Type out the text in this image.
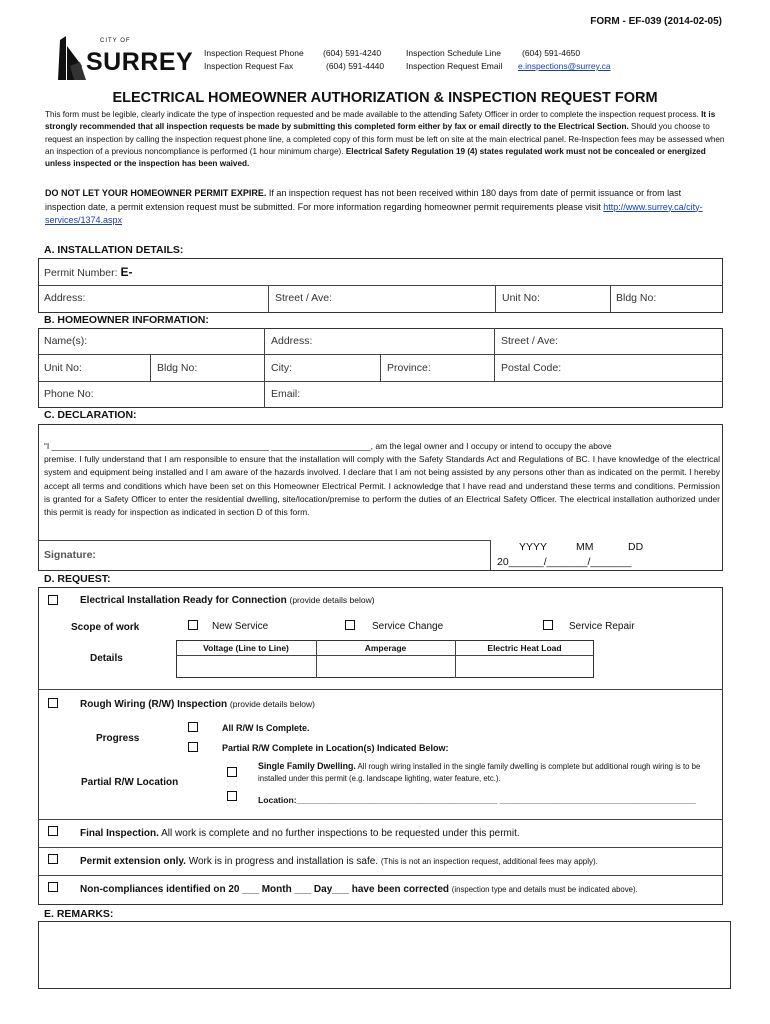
FORM - EF-039 (2014-02-05)
CITY OF
SURREY Inspection Request Phone
Inspection Request Fax
(604) 591-4240
(604) 591-4440
Inspection Schedule Line
Inspection Request Email
(604) 591-4650
e.inspections@surrey.ca
ELECTRICAL HOMEOWNER AUTHORIZATION & INSPECTION REQUEST FORM
This form must be legible, clearly indicate the type of inspection requested and be made available to the attending Safety Officer in order to complete the inspection request process. It is strongly recommended that all inspection requests be made by submitting this completed form either by fax or email directly to the Electrical Section. Should you choose to request an inspection by calling the inspection request phone line, a completed copy of this form must be left on site at the main electrical panel. Re-Inspection fees may be assessed when an inspection of a previous noncompliance is performed (1 hour minimum charge). Electrical Safety Regulation 19 (4) states regulated work must not be concealed or energized unless inspected or the inspection has been waived.
DO NOT LET YOUR HOMEOWNER PERMIT EXPIRE. If an inspection request has not been received within 180 days from date of permit issuance or from last inspection date, a permit extension request must be submitted. For more information regarding homeowner permit requirements please visit http://www.surrey.ca/city-services/1374.aspx
A. INSTALLATION DETAILS:
Permit Number: E-
Address:	Street / Ave:	Unit No:	Bldg No:
B. HOMEOWNER INFORMATION:
Name(s):	Address:	Street / Ave:
Unit No:	Bldg No:	City:	Province:	Postal Code:
Phone No:	Email:
C. DECLARATION:
“I ______________________________________________ _____________________, am the legal owner and I occupy or intend to occupy the above
premise. I fully understand that I am responsible to ensure that the installation will comply with the Safety Standards Act and Regulations of BC. I have knowledge of the electrical system and equipment being installed and I am aware of the hazards involved. I declare that I am not being assisted by any persons other than as indicated on the permit. I hereby accept all terms and conditions which have been set on this Homeowner Electrical Permit. I acknowledge that I have read and understand these terms and conditions. Permission is granted for a Safety Officer to enter the residential dwelling, site/location/premise to perform the duties of an Electrical Safety Officer. The electrical installation authorized under this permit is ready for inspection as indicated in section D of this form.
Signature:
YYYY	MM	DD
20______/_______/_______
D. REQUEST:
Electrical Installation Ready for Connection (provide details below)
Scope of work	New Service	Service Change	Service Repair
Details
Voltage (Line to Line)	Amperage	Electric Heat Load
Rough Wiring (R/W) Inspection (provide details below)
Progress
All R/W Is Complete.
Partial R/W Complete in Location(s) Indicated Below:
Partial R/W Location
Single Family Dwelling. All rough wiring installed in the single family dwelling is complete but additional rough wiring is to be installed under this permit (e.g. landscape lighting, water feature, etc.).
Location:__________________________________________ _________________________________________
Final Inspection. All work is complete and no further inspections to be requested under this permit.
Permit extension only. Work is in progress and installation is safe. (This is not an inspection request, additional fees may apply).
Non-compliances identified on 20 ___ Month ___ Day___ have been corrected (inspection type and details must be indicated above).
E. REMARKS:
